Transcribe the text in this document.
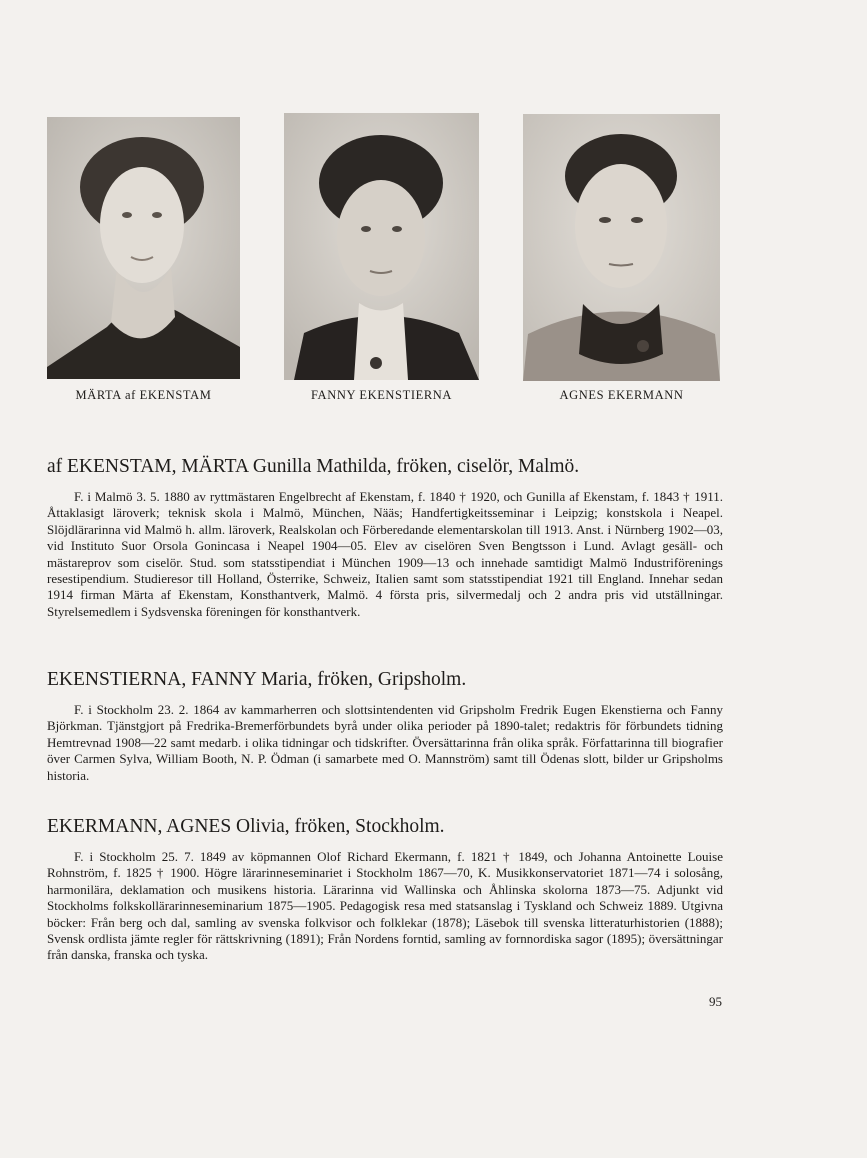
MÄRTA af EKENSTAM	FANNY EKENSTIERNA	AGNES EKERMANN
af EKENSTAM, MÄRTA Gunilla Mathilda, fröken, ciselör, Malmö.

F. i Malmö 3. 5. 1880 av ryttmästaren Engelbrecht af Ekenstam, f. 1840 † 1920, och Gunilla af Ekenstam, f. 1843 † 1911. Åttaklasigt läroverk; teknisk skola i Malmö, München, Nääs; Handfertigkeitsseminar i Leipzig; konstskola i Neapel. Slöjdlärarinna vid Malmö h. allm. läroverk, Realskolan och Förberedande elementarskolan till 1913. Anst. i Nürnberg 1902—03, vid Instituto Suor Orsola Gonincasa i Neapel 1904—05. Elev av ciselören Sven Bengtsson i Lund. Avlagt gesäll- och mästareprov som ciselör. Stud. som statsstipendiat i München 1909—13 och innehade samtidigt Malmö Industriförenings resestipendium. Studieresor till Holland, Österrike, Schweiz, Italien samt som statsstipendiat 1921 till England. Innehar sedan 1914 firman Märta af Ekenstam, Konsthantverk, Malmö. 4 första pris, silvermedalj och 2 andra pris vid utställningar. Styrelsemedlem i Sydsvenska föreningen för konsthantverk.

EKENSTIERNA, FANNY Maria, fröken, Gripsholm.

F. i Stockholm 23. 2. 1864 av kammarherren och slottsintendenten vid Gripsholm Fredrik Eugen Ekenstierna och Fanny Björkman. Tjänstgjort på Fredrika-Bremerförbundets byrå under olika perioder på 1890-talet; redaktris för förbundets tidning Hemtrevnad 1908—22 samt medarb. i olika tidningar och tidskrifter. Översättarinna från olika språk. Författarinna till biografier över Carmen Sylva, William Booth, N. P. Ödman (i samarbete med O. Mannström) samt till Ödenas slott, bilder ur Gripsholms historia.

EKERMANN, AGNES Olivia, fröken, Stockholm.

F. i Stockholm 25. 7. 1849 av köpmannen Olof Richard Ekermann, f. 1821 † 1849, och Johanna Antoinette Louise Rohnström, f. 1825 † 1900. Högre lärarinneseminariet i Stockholm 1867—70, K. Musikkonservatoriet 1871—74 i solosång, harmonilära, deklamation och musikens historia. Lärarinna vid Wallinska och Åhlinska skolorna 1873—75. Adjunkt vid Stockholms folkskollärarinneseminarium 1875—1905. Pedagogisk resa med statsanslag i Tyskland och Schweiz 1889. Utgivna böcker: Från berg och dal, samling av svenska folkvisor och folklekar (1878); Läsebok till svenska litteraturhistorien (1888); Svensk ordlista jämte regler för rättskrivning (1891); Från Nordens forntid, samling av fornnordiska sagor (1895); översättningar från danska, franska och tyska.

95
